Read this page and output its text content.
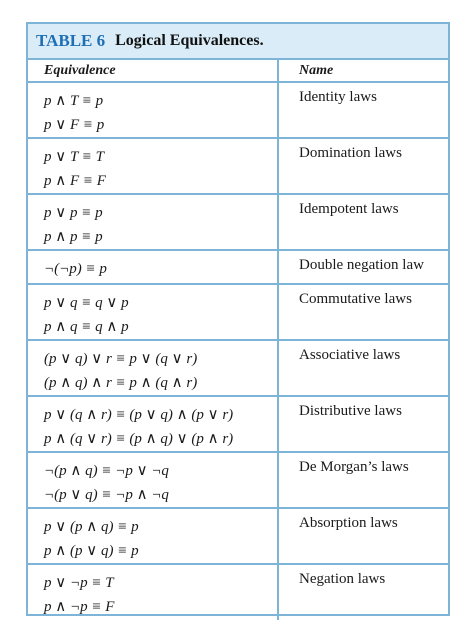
TABLE 6 Logical Equivalences.
Equivalence	Name

p ∧ T ≡ p
p ∨ F ≡ p	Identity laws

p ∨ T ≡ T
p ∧ F ≡ F	Domination laws

p ∨ p ≡ p
p ∧ p ≡ p	Idempotent laws

¬(¬p) ≡ p	Double negation law

p ∨ q ≡ q ∨ p
p ∧ q ≡ q ∧ p	Commutative laws

(p ∨ q) ∨ r ≡ p ∨ (q ∨ r)
(p ∧ q) ∧ r ≡ p ∧ (q ∧ r)	Associative laws

p ∨ (q ∧ r) ≡ (p ∨ q) ∧ (p ∨ r)
p ∧ (q ∨ r) ≡ (p ∧ q) ∨ (p ∧ r)	Distributive laws

¬(p ∧ q) ≡ ¬p ∨ ¬q
¬(p ∨ q) ≡ ¬p ∧ ¬q	De Morgan’s laws

p ∨ (p ∧ q) ≡ p
p ∧ (p ∨ q) ≡ p	Absorption laws

p ∨ ¬p ≡ T
p ∧ ¬p ≡ F	Negation laws
